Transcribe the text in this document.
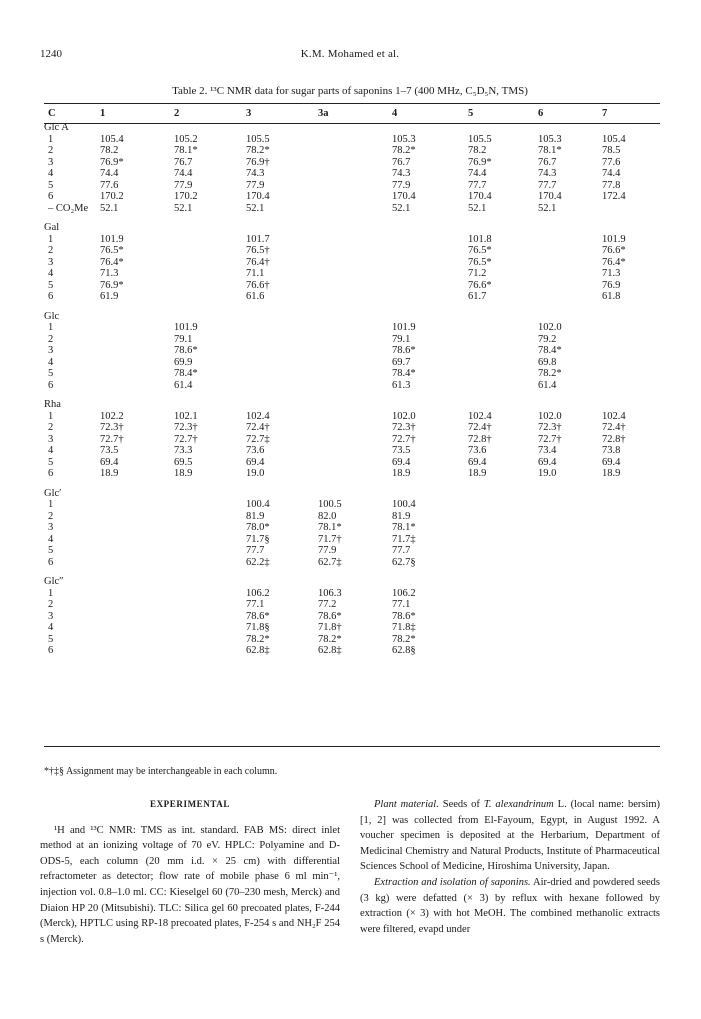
1240	K.M. Mohamed et al.
Table 2. ¹³C NMR data for sugar parts of saponins 1–7 (400 MHz, C₅D₅N, TMS)
C	1	2	3	3a	4	5	6	7
Glc A								
1	105.4	105.2	105.5		105.3	105.5	105.3	105.4
2	78.2	78.1*	78.2*		78.2*	78.2	78.1*	78.5
3	76.9*	76.7	76.9†		76.7	76.9*	76.7	77.6
4	74.4	74.4	74.3		74.3	74.4	74.3	74.4
5	77.6	77.9	77.9		77.9	77.7	77.7	77.8
6	170.2	170.2	170.4		170.4	170.4	170.4	172.4
– CO₂Me	52.1	52.1	52.1		52.1	52.1	52.1	

Gal								
1	101.9		101.7			101.8		101.9
2	76.5*		76.5†			76.5*		76.6*
3	76.4*		76.4†			76.5*		76.4*
4	71.3		71.1			71.2		71.3
5	76.9*		76.6†			76.6*		76.9
6	61.9		61.6			61.7		61.8

Glc								
1		101.9			101.9		102.0	
2		79.1			79.1		79.2	
3		78.6*			78.6*		78.4*	
4		69.9			69.7		69.8	
5		78.4*			78.4*		78.2*	
6		61.4			61.3		61.4	

Rha								
1	102.2	102.1	102.4		102.0	102.4	102.0	102.4
2	72.3†	72.3†	72.4†		72.3†	72.4†	72.3†	72.4†
3	72.7†	72.7†	72.7‡		72.7†	72.8†	72.7†	72.8†
4	73.5	73.3	73.6		73.5	73.6	73.4	73.8
5	69.4	69.5	69.4		69.4	69.4	69.4	69.4
6	18.9	18.9	19.0		18.9	18.9	19.0	18.9

Glc′								
1			100.4	100.5	100.4			
2			81.9	82.0	81.9			
3			78.0*	78.1*	78.1*			
4			71.7§	71.7†	71.7‡			
5			77.7	77.9	77.7			
6			62.2‡	62.7‡	62.7§			

Glc″								
1			106.2	106.3	106.2			
2			77.1	77.2	77.1			
3			78.6*	78.6*	78.6*			
4			71.8§	71.8†	71.8‡			
5			78.2*	78.2*	78.2*			
6			62.8‡	62.8‡	62.8§			
*†‡§ Assignment may be interchangeable in each column.

EXPERIMENTAL

¹H and ¹³C NMR: TMS as int. standard. FAB MS: direct inlet method at an ionizing voltage of 70 eV. HPLC: Polyamine and D-ODS-5, each column (20 mm i.d. × 25 cm) with differential refractometer as detector; flow rate of mobile phase 6 ml min⁻¹, injection vol. 0.8–1.0 ml. CC: Kieselgel 60 (70–230 mesh, Merck) and Diaion HP 20 (Mitsubishi). TLC: Silica gel 60 precoated plates, F-244 (Merck), HPTLC using RP-18 precoated plates, F-254 s and NH₂F 254 s (Merck).

Plant material. Seeds of T. alexandrinum L. (local name: bersim) [1, 2] was collected from El-Fayoum, Egypt, in August 1992. A voucher specimen is deposited at the Herbarium, Department of Medicinal Chemistry and Natural Products, Institute of Pharmaceutical Sciences School of Medicine, Hiroshima University, Japan.

Extraction and isolation of saponins. Air-dried and powdered seeds (3 kg) were defatted (× 3) by reflux with hexane followed by extraction (× 3) with hot MeOH. The combined methanolic extracts were filtered, evapd under
